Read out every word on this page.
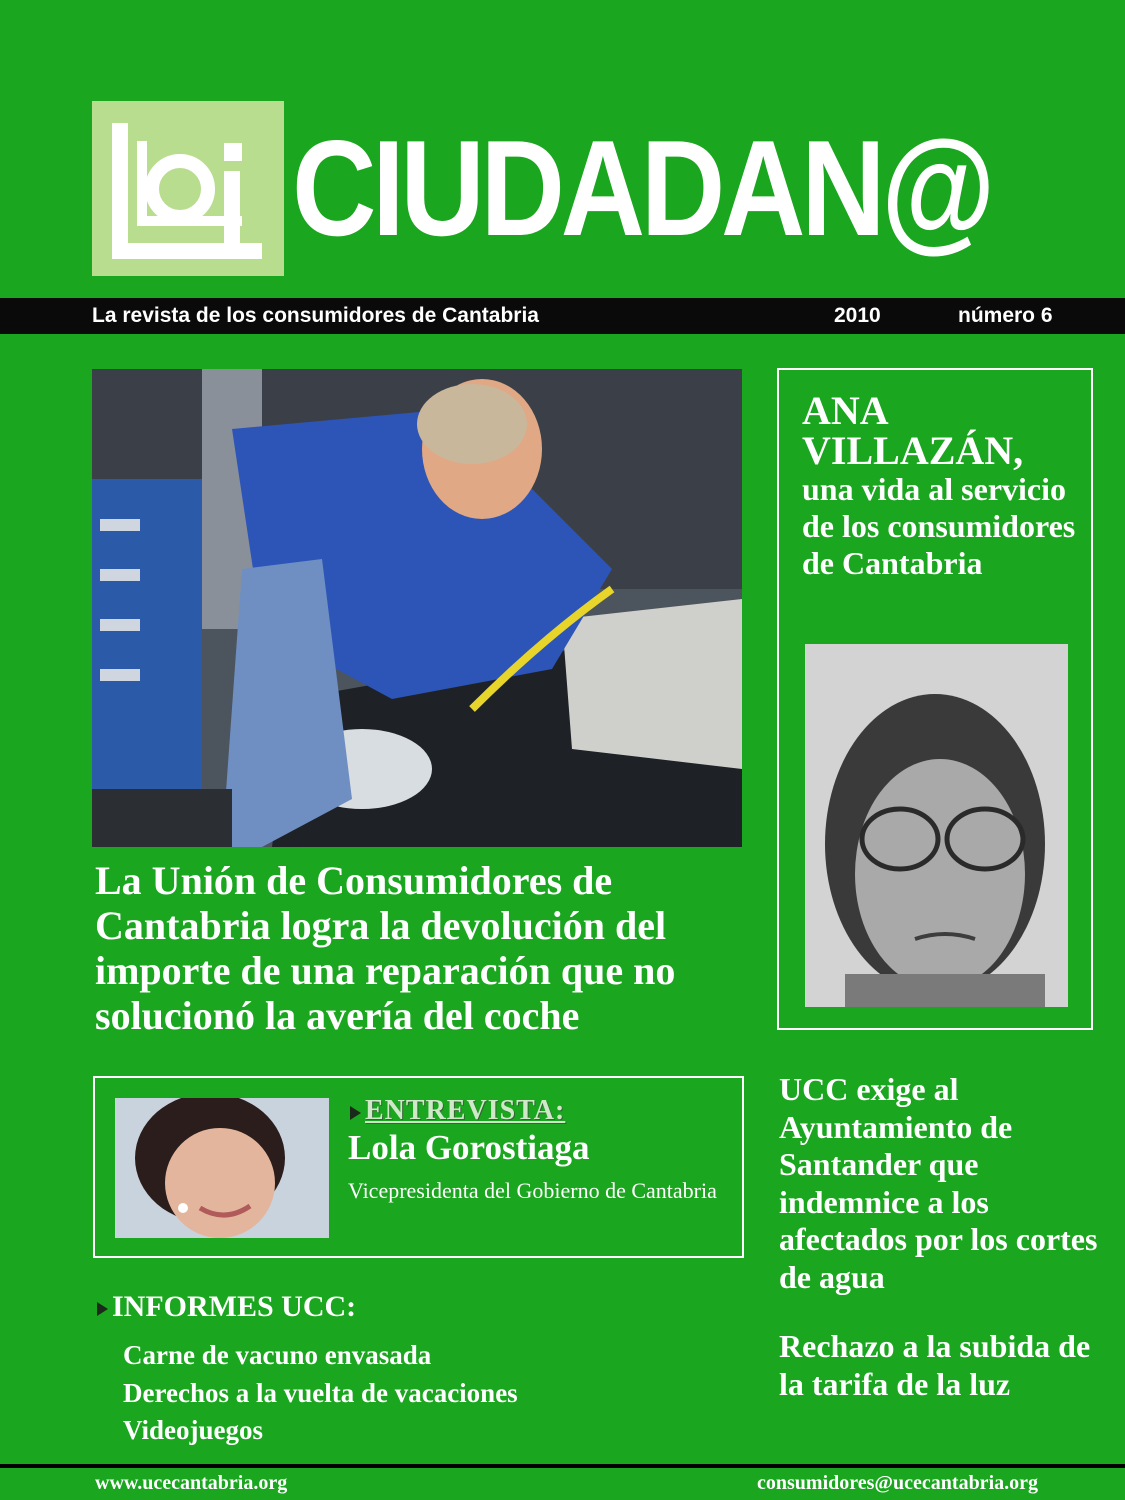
CIUDADAN@
La revista de los consumidores de Cantabria	2010	número 6
La Unión de Consumidores de Cantabria logra la devolución del importe de una reparación que no solucionó la avería del coche
ANA VILLAZÁN,
una vida al servicio de los consumidores de Cantabria
ENTREVISTA:
Lola Gorostiaga
Vicepresidenta del Gobierno de Cantabria
INFORMES UCC:
Carne de vacuno envasada
Derechos a la vuelta de vacaciones
Videojuegos
UCC exige al Ayuntamiento de Santander que indemnice a los afectados por los cortes de agua
Rechazo a la subida de la tarifa de la luz
www.ucecantabria.org	consumidores@ucecantabria.org
